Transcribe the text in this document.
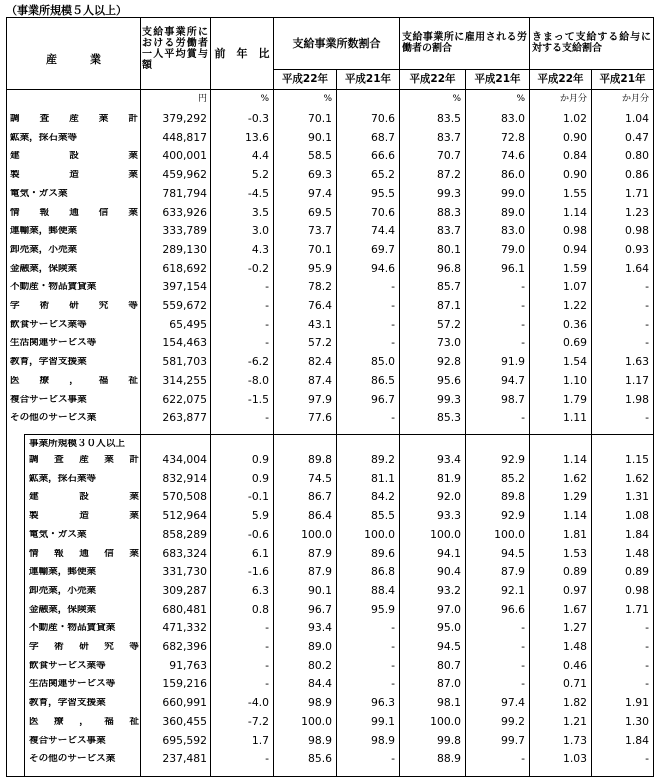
（事業所規模５人以上）
産　　　業
支給事業所における労働者一人平均賞与額
前　年　比
支給事業所数割合	支給事業所に雇用される労働者の割合
きまって支給する給与に対する支給割合
平成22年	平成21年	平成22年	平成21年	平成22年	平成21年
円	%	%	%	%	か月分	か月分
事業所規模３０人以上
調査産業計	379,292	-0.3	70.1	70.6	83.5	83.0	1.02	1.04
鉱業，採石業等	448,817	13.6	90.1	68.7	83.7	72.8	0.90	0.47
建設業	400,001	4.4	58.5	66.6	70.7	74.6	0.84	0.80
製造業	459,962	5.2	69.3	65.2	87.2	86.0	0.90	0.86
電気・ガス業	781,794	-4.5	97.4	95.5	99.3	99.0	1.55	1.71
情報通信業	633,926	3.5	69.5	70.6	88.3	89.0	1.14	1.23
運輸業，郵便業	333,789	3.0	73.7	74.4	83.7	83.0	0.98	0.98
卸売業，小売業	289,130	4.3	70.1	69.7	80.1	79.0	0.94	0.93
金融業，保険業	618,692	-0.2	95.9	94.6	96.8	96.1	1.59	1.64
不動産・物品賃貸業	397,154	-	78.2	-	85.7	-	1.07	-
学術研究等	559,672	-	76.4	-	87.1	-	1.22	-
飲食サービス業等	65,495	-	43.1	-	57.2	-	0.36	-
生活関連サービス等	154,463	-	57.2	-	73.0	-	0.69	-
教育，学習支援業	581,703	-6.2	82.4	85.0	92.8	91.9	1.54	1.63
医療，福祉	314,255	-8.0	87.4	86.5	95.6	94.7	1.10	1.17
複合サービス事業	622,075	-1.5	97.9	96.7	99.3	98.7	1.79	1.98
その他のサービス業	263,877	-	77.6	-	85.3	-	1.11	-
調査産業計	434,004	0.9	89.8	89.2	93.4	92.9	1.14	1.15
鉱業，採石業等	832,914	0.9	74.5	81.1	81.9	85.2	1.62	1.62
建設業	570,508	-0.1	86.7	84.2	92.0	89.8	1.29	1.31
製造業	512,964	5.9	86.4	85.5	93.3	92.9	1.14	1.08
電気・ガス業	858,289	-0.6	100.0	100.0	100.0	100.0	1.81	1.84
情報通信業	683,324	6.1	87.9	89.6	94.1	94.5	1.53	1.48
運輸業，郵便業	331,730	-1.6	87.9	86.8	90.4	87.9	0.89	0.89
卸売業，小売業	309,287	6.3	90.1	88.4	93.2	92.1	0.97	0.98
金融業，保険業	680,481	0.8	96.7	95.9	97.0	96.6	1.67	1.71
不動産・物品賃貸業	471,332	-	93.4	-	95.0	-	1.27	-
学術研究等	682,396	-	89.0	-	94.5	-	1.48	-
飲食サービス業等	91,763	-	80.2	-	80.7	-	0.46	-
生活関連サービス等	159,216	-	84.4	-	87.0	-	0.71	-
教育，学習支援業	660,991	-4.0	98.9	96.3	98.1	97.4	1.82	1.91
医療，福祉	360,455	-7.2	100.0	99.1	100.0	99.2	1.21	1.30
複合サービス事業	695,592	1.7	98.9	98.9	99.8	99.7	1.73	1.84
その他のサービス業	237,481	-	85.6	-	88.9	-	1.03	-
